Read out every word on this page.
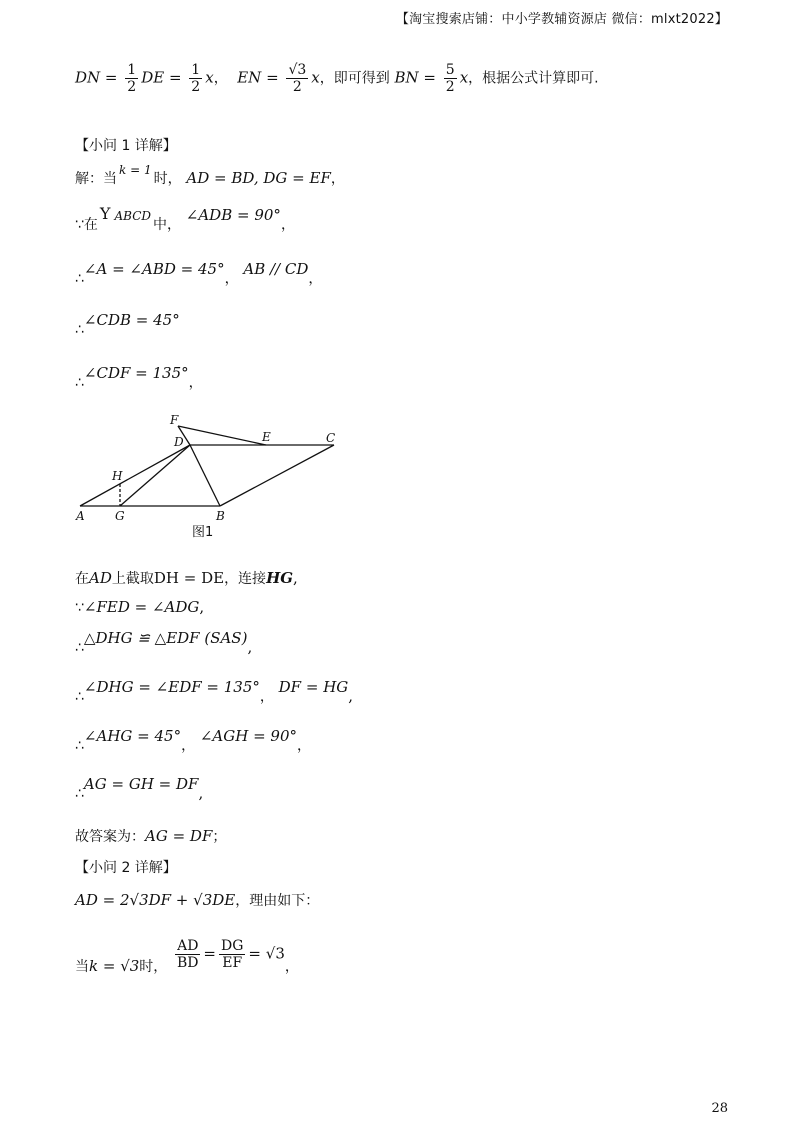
【淘宝搜索店铺：中小学教辅资源店 微信：mlxt2022】
DN = $\frac{1}{2}$ DE = $\frac{1}{2}$ x， EN = $\frac{√3}{2}$ x，即可得到 BN = $\frac{5}{2}$ x，根据公式计算即可.
【小问 1 详解】
解：当$^{k = 1}$时， AD = BD, DG = EF，
∵在Y $^{ABCD}$中， ∠ADB = 90°，
∴∠A = ∠ABD = 45°， AB // CD，
∴∠CDB = 45°
∴∠CDF = 135°，
F
D	E	C
H
A	G	B
图1
在AD上截取DH = DE，连接HG,
∵∠FED = ∠ADG,
∴△DHG ≌ △EDF (SAS),
∴∠DHG = ∠EDF = 135°， DF = HG,
∴∠AHG = 45°， ∠AGH = 90°，
∴AG = GH = DF,
故答案为：AG = DF；
【小问 2 详解】
AD = 2√3DF + √3DE，理由如下：
当k = √3时， $\frac{AD}{BD} = \frac{DG}{EF} = √3$，
28
